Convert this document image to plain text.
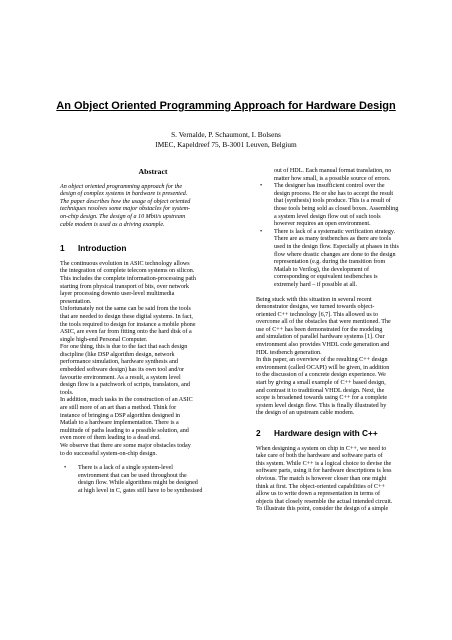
An Object Oriented Programming Approach for Hardware Design
S. Vernalde, P. Schaumont, I. Bolsens
IMEC, Kapeldreef 75, B-3001 Leuven, Belgium
Abstract
An object oriented programming approach for the
design of complex systems in hardware is presented.
The paper describes how the usage of object oriented
techniques resolves some major obstacles for system-
on-chip design. The design of a 10 Mbit/s upstream
cable modem is used as a driving example.
1 Introduction
The continuous evolution in ASIC technology allows
the integration of complete telecom systems on silicon.
This includes the complete information-processing path
starting from physical transport of bits, over network
layer processing downto user-level multimedia
presentation.
Unfortunately not the same can be said from the tools
that are needed to design these digital systems. In fact,
the tools required to design for instance a mobile phone
ASIC, are even far from fitting onto the hard disk of a
single high-end Personal Computer.
For one thing, this is due to the fact that each design
discipline (like DSP algorithm design, network
performance simulation, hardware synthesis and
embedded software design) has its own tool and/or
favourite environment. As a result, a system level
design flow is a patchwork of scripts, translators, and
tools.
In addition, much tasks in the construction of an ASIC
are still more of an art than a method. Think for
instance of bringing a DSP algorithm designed in
Matlab to a hardware implementation. There is a
multitude of paths leading to a possible solution, and
even more of them leading to a dead end.
We observe that there are some major obstacles today
to do successful system-on-chip design.
• There is a lack of a single system-level
environment that can be used throughout the
design flow. While algorithms might be designed
at high level in C, gates still have to be synthesised
out of HDL. Each manual format translation, no
matter how small, is a possible source of errors.
• The designer has insufficient control over the
design process. He or she has to accept the result
that (synthesis) tools produce. This is a result of
those tools being sold as closed boxes. Assembling
a system level design flow out of such tools
however requires an open environment.
• There is lack of a systematic verification strategy.
There are as many testbenches as there are tools
used in the design flow. Especially at phases in this
flow where drastic changes are done to the design
representation (e.g. during the transition from
Matlab to Verilog), the development of
corresponding or equivalent testbenches is
extremely hard – if possible at all.
Being stuck with this situation in several recent
demonstrator designs, we turned towards object-
oriented C++ technology [6,7]. This allowed us to
overcome all of the obstacles that were mentioned. The
use of C++ has been demonstrated for the modeling
and simulation of parallel hardware systems [1]. Our
environment also provides VHDL code generation and
HDL testbench generation.
In this paper, an overview of the resulting C++ design
environment (called OCAPI) will be given, in addition
to the discussion of a concrete design experience. We
start by giving a small example of C++ based design,
and contrast it to traditional VHDL design. Next, the
scope is broadened towards using C++ for a complete
system level design flow. This is finally illustrated by
the design of an upstream cable modem.
2 Hardware design with C++
When designing a system on chip in C++, we need to
take care of both the hardware and software parts of
this system. While C++ is a logical choice to devise the
software parts, using it for hardware descriptions is less
obvious. The match is however closer than one might
think at first. The object-oriented capabilities of C++
allow us to write down a representation in terms of
objects that closely resemble the actual intended circuit.
To illustrate this point, consider the design of a simple
